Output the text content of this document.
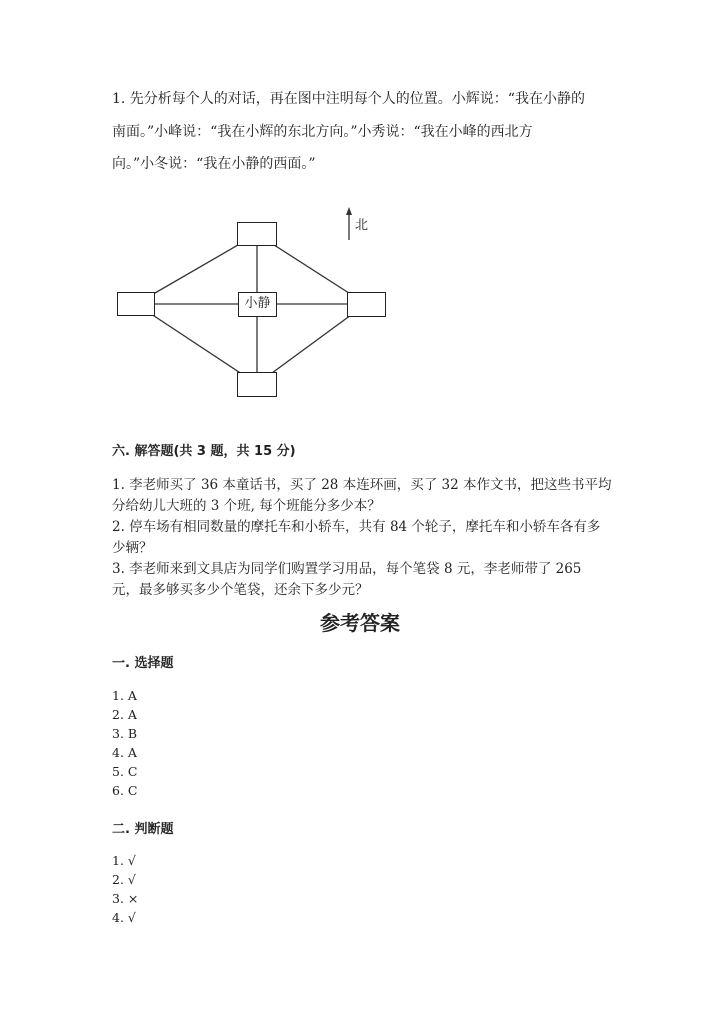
1. 先分析每个人的对话，再在图中注明每个人的位置。小辉说：“我在小静的
南面。”小峰说：“我在小辉的东北方向。”小秀说：“我在小峰的西北方
向。”小冬说：“我在小静的西面。”
小静
北
六. 解答题(共 3 题，共 15 分)
1. 李老师买了 36 本童话书，买了 28 本连环画，买了 32 本作文书，把这些书平均分给幼儿大班的 3 个班, 每个班能分多少本？
2. 停车场有相同数量的摩托车和小轿车，共有 84 个轮子，摩托车和小轿车各有多少辆？
3. 李老师来到文具店为同学们购置学习用品，每个笔袋 8 元，李老师带了 265 元，最多够买多少个笔袋，还余下多少元？
参考答案
一. 选择题
1. A
2. A
3. B
4. A
5. C
6. C
二. 判断题
1. √
2. √
3. ×
4. √
